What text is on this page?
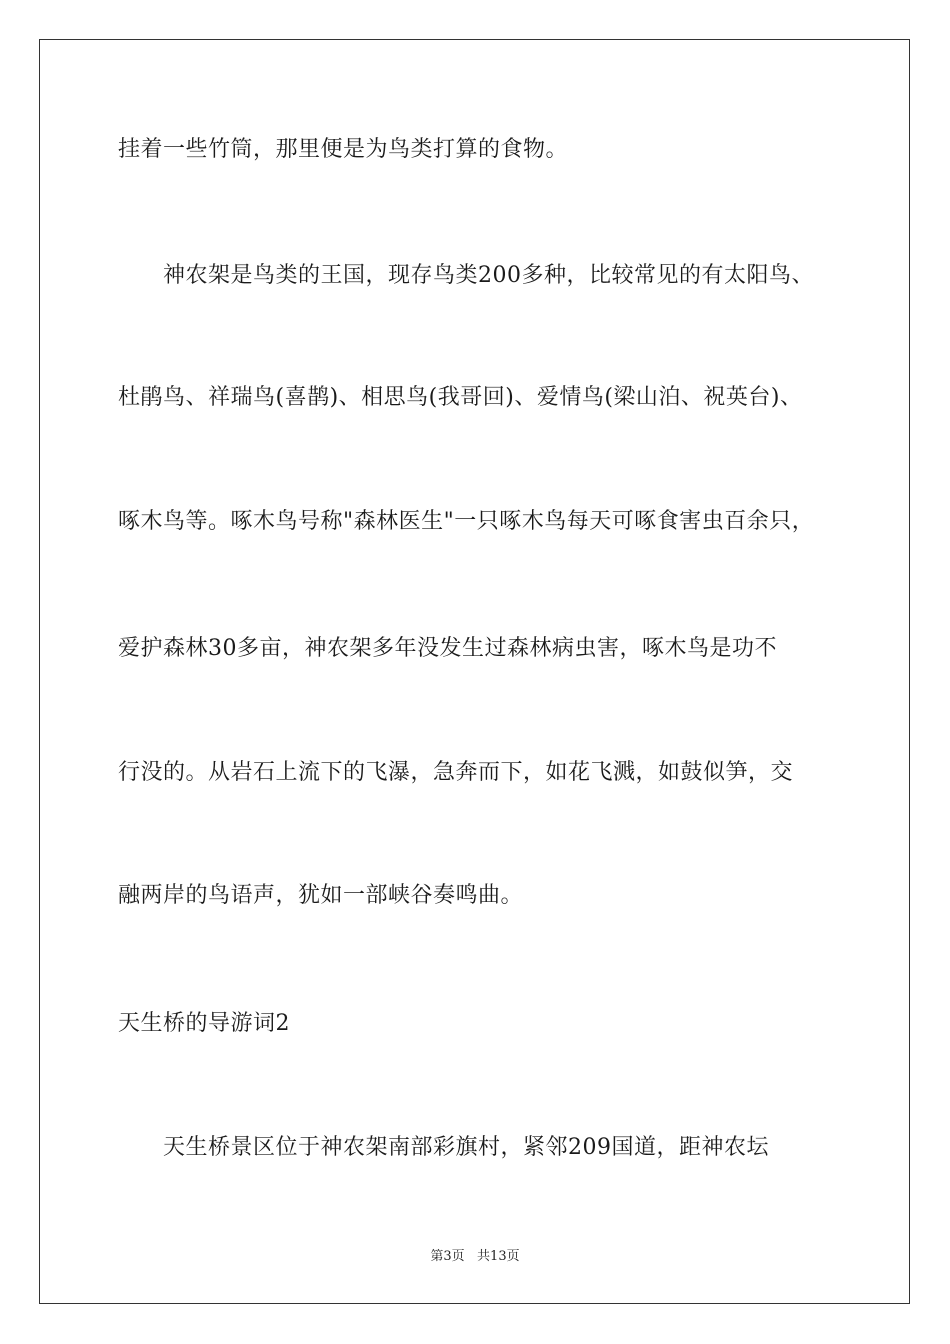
挂着一些竹筒，那里便是为鸟类打算的食物。
神农架是鸟类的王国，现存鸟类200多种，比较常见的有太阳鸟、
杜鹃鸟、祥瑞鸟(喜鹊)、相思鸟(我哥回)、爱情鸟(梁山泊、祝英台)、
啄木鸟等。啄木鸟号称"森林医生"一只啄木鸟每天可啄食害虫百余只，
爱护森林30多亩，神农架多年没发生过森林病虫害，啄木鸟是功不
行没的。从岩石上流下的飞瀑，急奔而下，如花飞溅，如鼓似笋，交
融两岸的鸟语声，犹如一部峡谷奏鸣曲。
天生桥的导游词2
天生桥景区位于神农架南部彩旗村，紧邻209国道，距神农坛
第3页   共13页
